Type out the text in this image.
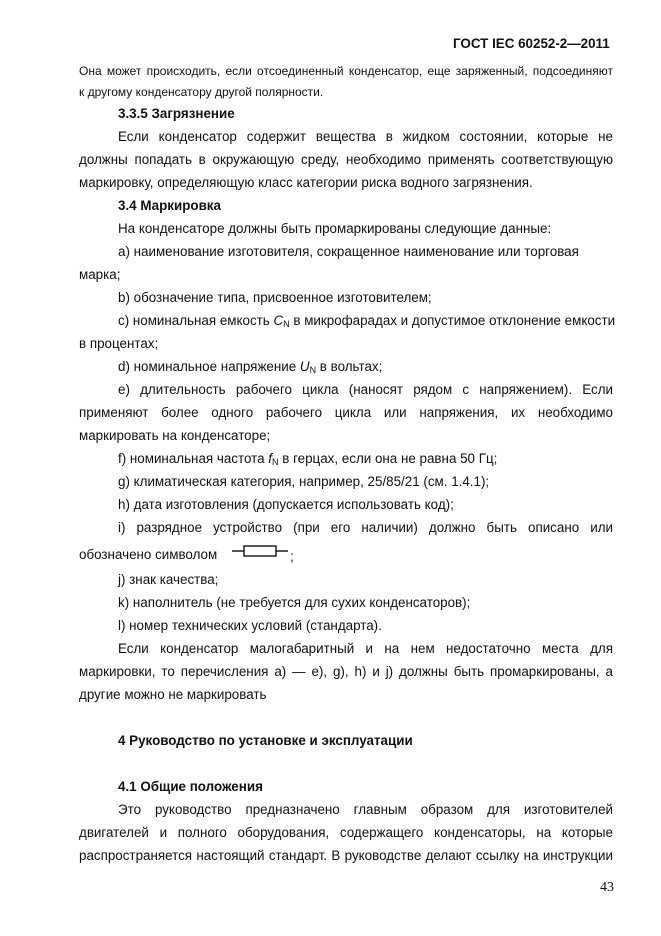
ГОСТ IEC 60252-2—2011
Она может происходить, если отсоединенный конденсатор, еще заряженный, подсоединяют
к другому конденсатору другой полярности.
3.3.5 Загрязнение
Если конденсатор содержит вещества в жидком состоянии, которые не
должны попадать в окружающую среду, необходимо применять соответствующую
маркировку, определяющую класс категории риска водного загрязнения.
3.4 Маркировка
На конденсаторе должны быть промаркированы следующие данные:
a) наименование изготовителя, сокращенное наименование или торговая
марка;
b) обозначение типа, присвоенное изготовителем;
c) номинальная емкость CN в микрофарадах и допустимое отклонение емкости
в процентах;
d) номинальное напряжение UN в вольтах;
e) длительность рабочего цикла (наносят рядом с напряжением). Если
применяют более одного рабочего цикла или напряжения, их необходимо
маркировать на конденсаторе;
f) номинальная частота fN в герцах, если она не равна 50 Гц;
g) климатическая категория, например, 25/85/21 (см. 1.4.1);
h) дата изготовления (допускается использовать код);
i) разрядное устройство (при его наличии) должно быть описано или
обозначено символом	;
j) знак качества;
k) наполнитель (не требуется для сухих конденсаторов);
l) номер технических условий (стандарта).
Если конденсатор малогабаритный и на нем недостаточно места для
маркировки, то перечисления а) — е), g), h) и j) должны быть промаркированы, а
другие можно не маркировать
4 Руководство по установке и эксплуатации
4.1 Общие положения
Это руководство предназначено главным образом для изготовителей
двигателей и полного оборудования, содержащего конденсаторы, на которые
распространяется настоящий стандарт. В руководстве делают ссылку на инструкции
43
